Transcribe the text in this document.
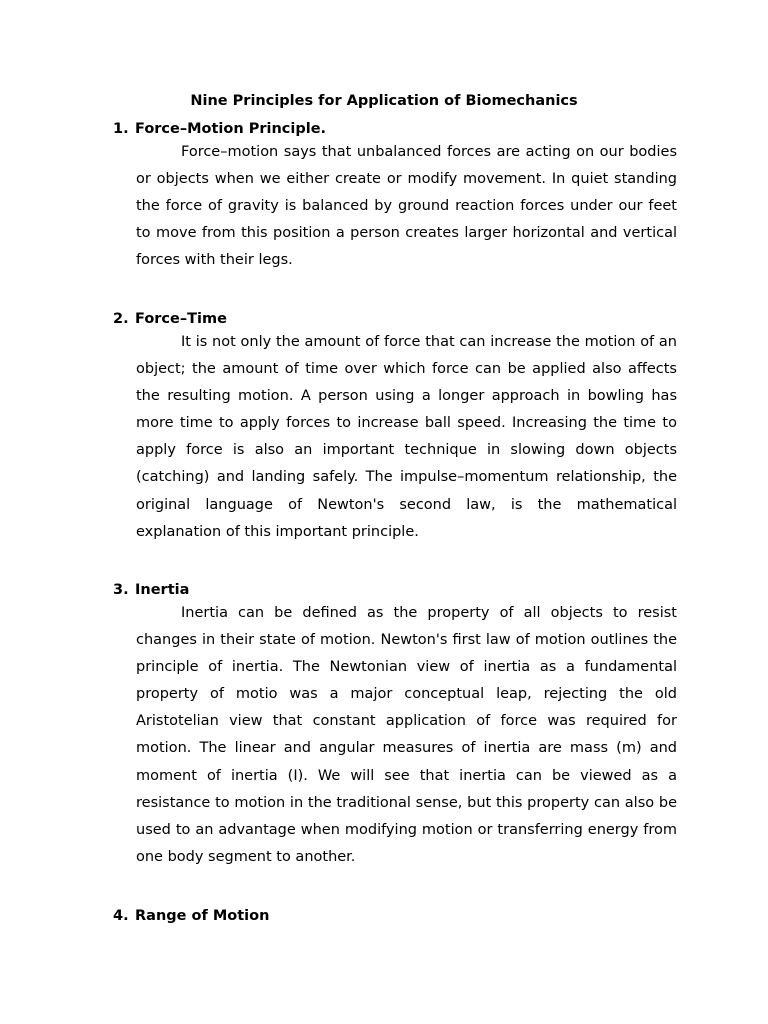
Nine Principles for Application of Biomechanics

1. Force–Motion Principle.

Force–motion says that unbalanced forces are acting on our bodies or objects when we either create or modify movement. In quiet standing the force of gravity is balanced by ground reaction forces under our feet to move from this position a person creates larger horizontal and vertical forces with their legs.

2. Force–Time

It is not only the amount of force that can increase the motion of an object; the amount of time over which force can be applied also affects the resulting motion. A person using a longer approach in bowling has more time to apply forces to increase ball speed. Increasing the time to apply force is also an important technique in slowing down objects (catching) and landing safely. The impulse–momentum relationship, the original language of Newton's second law, is the mathematical explanation of this important principle.

3. Inertia

Inertia can be defined as the property of all objects to resist changes in their state of motion. Newton's first law of motion outlines the principle of inertia. The Newtonian view of inertia as a fundamental property of motio was a major conceptual leap, rejecting the old Aristotelian view that constant application of force was required for motion. The linear and angular measures of inertia are mass (m) and moment of inertia (I). We will see that inertia can be viewed as a resistance to motion in the traditional sense, but this property can also be used to an advantage when modifying motion or transferring energy from one body segment to another.

4. Range of Motion
